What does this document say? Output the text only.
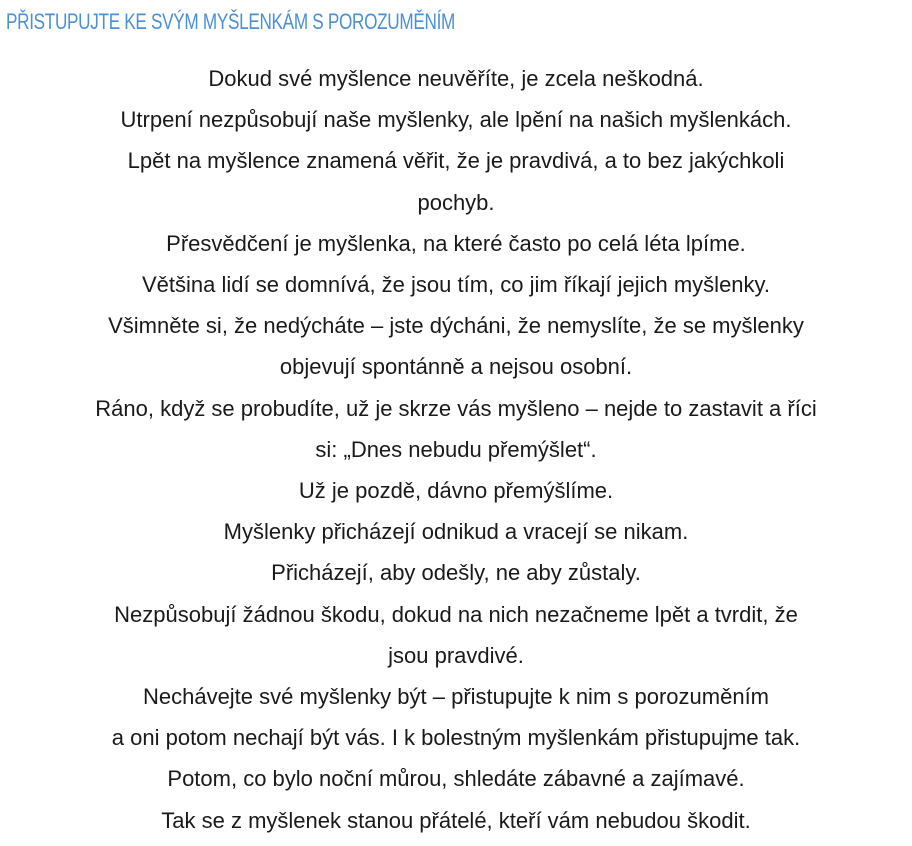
PŘISTUPUJTE KE SVÝM MYŠLENKÁM S POROZUMĚNÍM
Dokud své myšlence neuvěříte, je zcela neškodná.
Utrpení nezpůsobují naše myšlenky, ale lpění na našich myšlenkách.
Lpět na myšlence znamená věřit, že je pravdivá, a to bez jakýchkoli
pochyb.
Přesvědčení je myšlenka, na které často po celá léta lpíme.
Většina lidí se domnívá, že jsou tím, co jim říkají jejich myšlenky.
Všimněte si, že nedýcháte – jste dýcháni, že nemyslíte, že se myšlenky
objevují spontánně a nejsou osobní.
Ráno, když se probudíte, už je skrze vás myšleno – nejde to zastavit a říci
si: „Dnes nebudu přemýšlet“.
Už je pozdě, dávno přemýšlíme.
Myšlenky přicházejí odnikud a vracejí se nikam.
Přicházejí, aby odešly, ne aby zůstaly.
Nezpůsobují žádnou škodu, dokud na nich nezačneme lpět a tvrdit, že
jsou pravdivé.
Nechávejte své myšlenky být – přistupujte k nim s porozuměním
a oni potom nechají být vás. I k bolestným myšlenkám přistupujme tak.
Potom, co bylo noční můrou, shledáte zábavné a zajímavé.
Tak se z myšlenek stanou přátelé, kteří vám nebudou škodit.
